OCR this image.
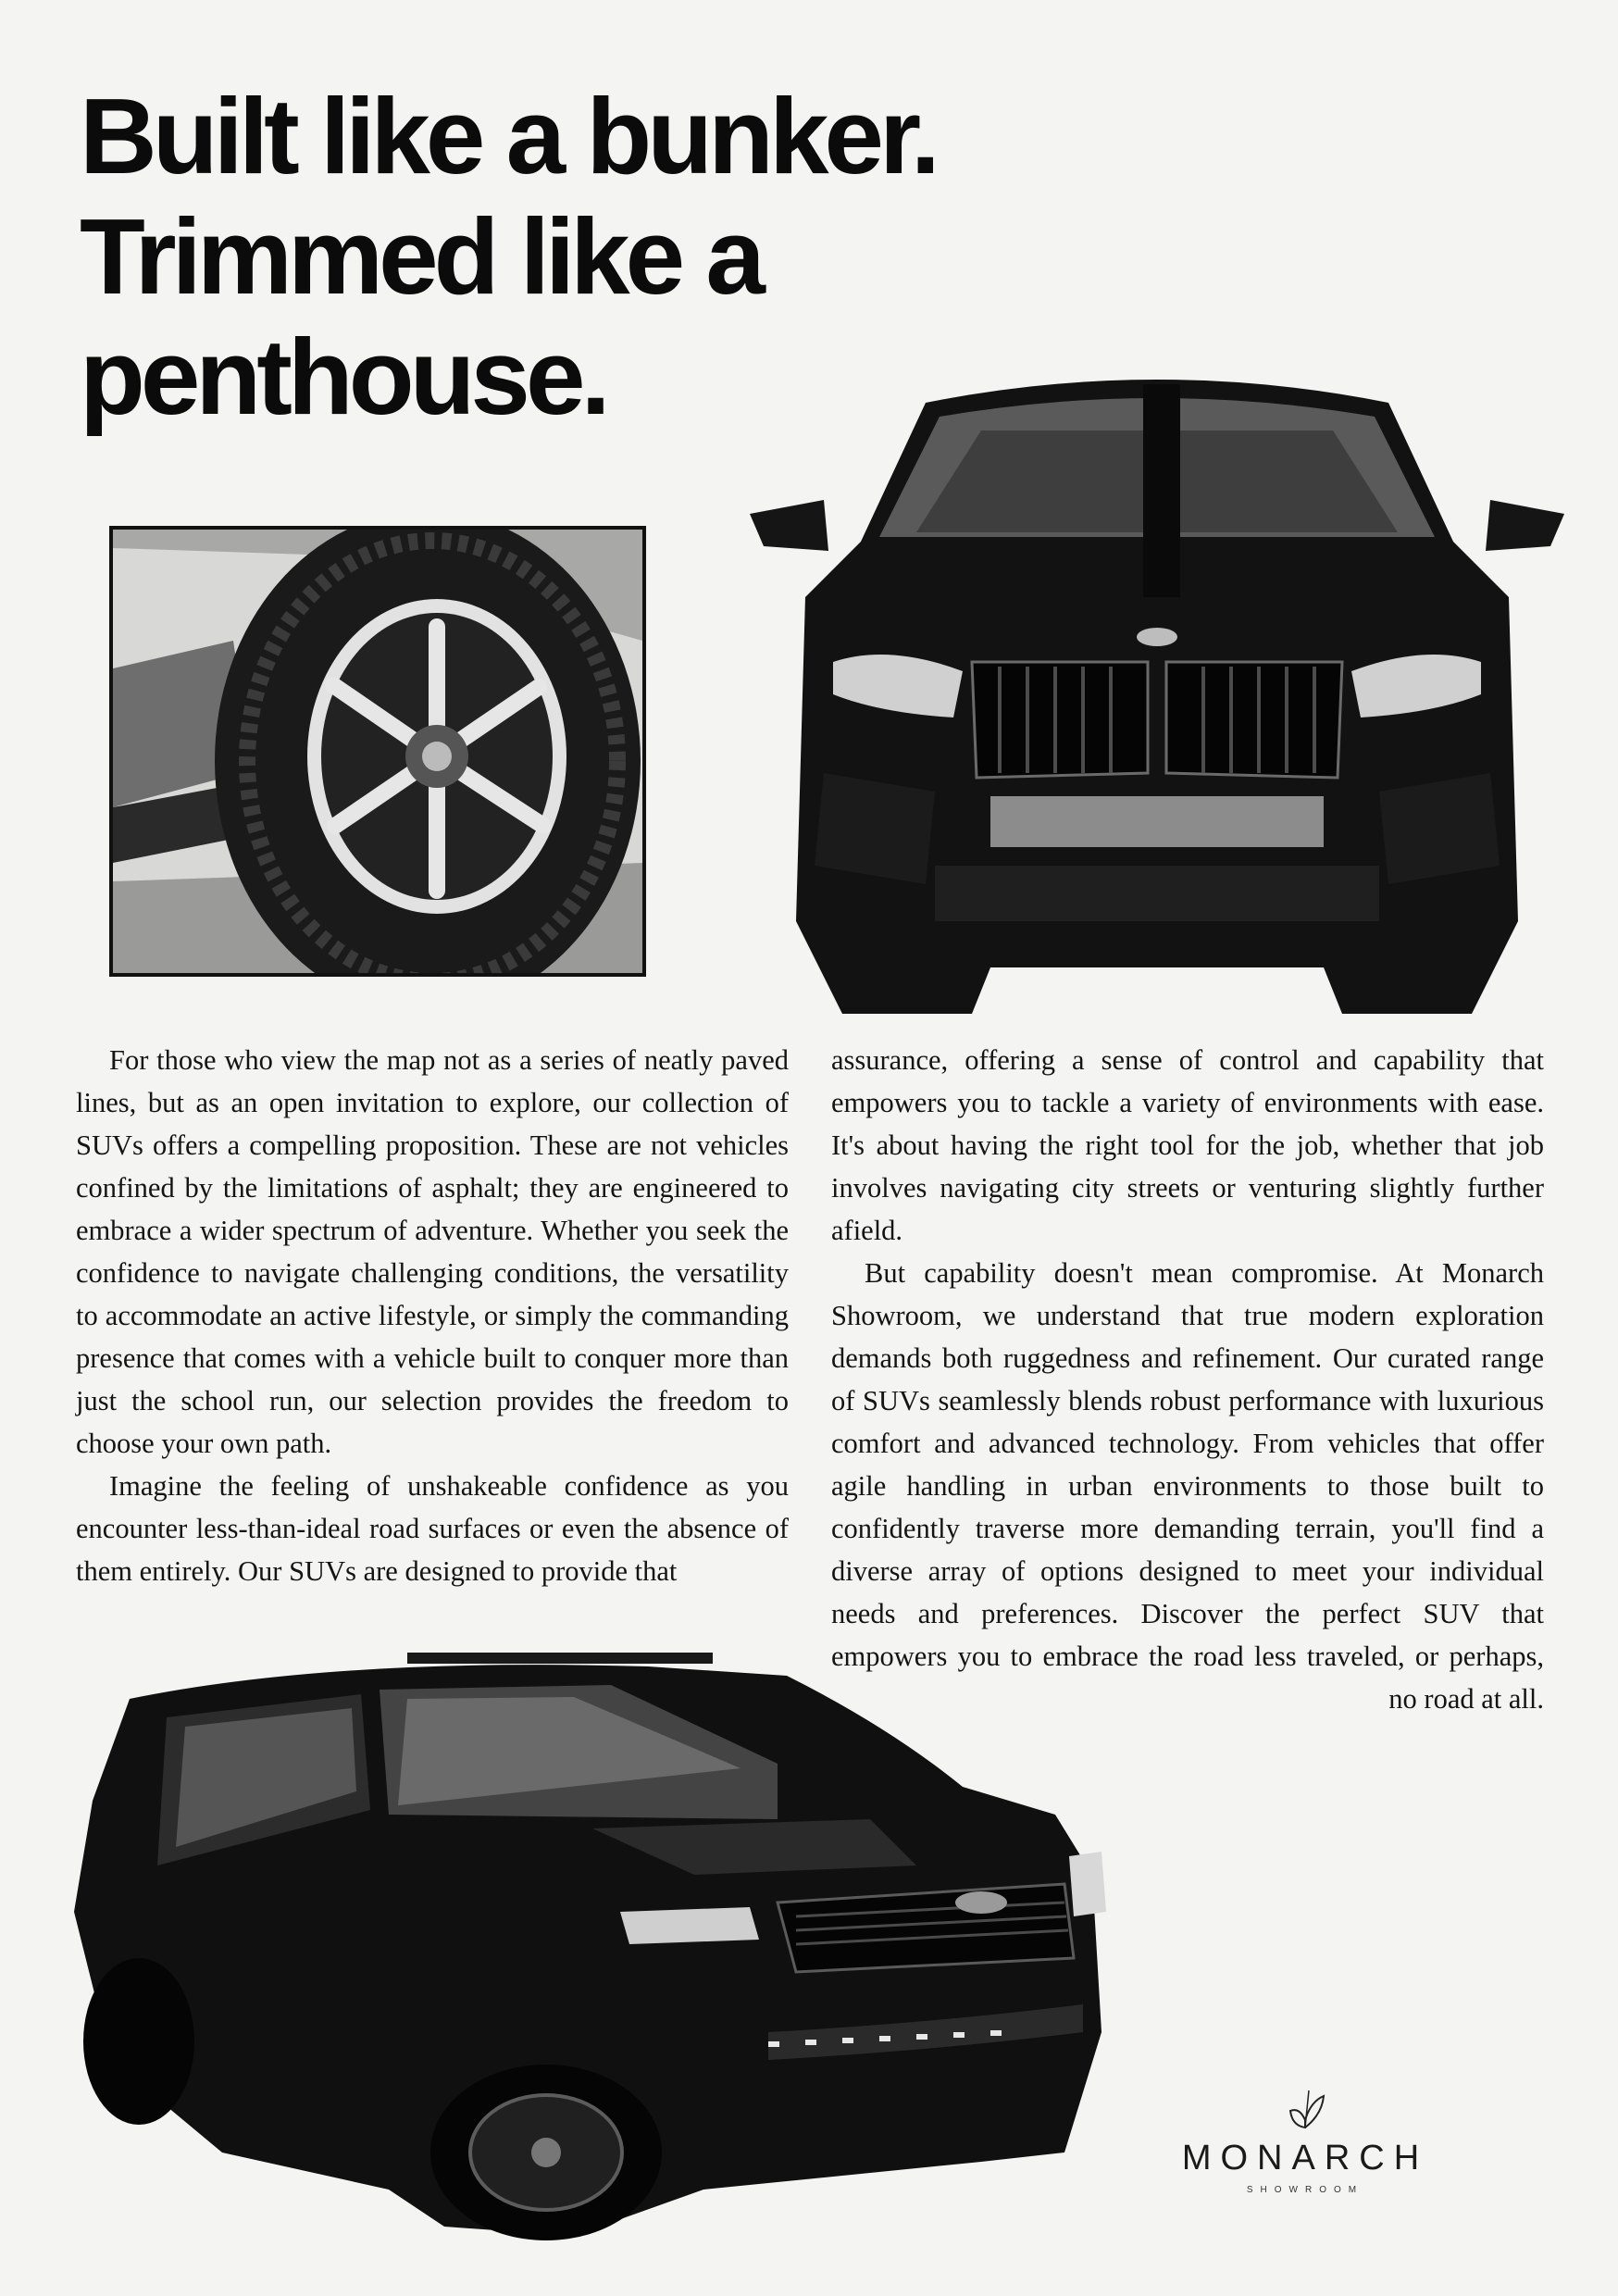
Built like a bunker.
Trimmed like a
penthouse.

For those who view the map not as a series of neatly paved lines, but as an open invitation to explore, our collection of SUVs offers a compelling proposition. These are not vehicles confined by the limitations of asphalt; they are engineered to embrace a wider spectrum of adventure. Whether you seek the confidence to navigate challenging conditions, the versatility to accommodate an active lifestyle, or simply the commanding presence that comes with a vehicle built to conquer more than just the school run, our selection provides the freedom to choose your own path.

Imagine the feeling of unshakeable confidence as you encounter less-than-ideal road surfaces or even the absence of them entirely. Our SUVs are designed to provide that

assurance, offering a sense of control and capability that empowers you to tackle a variety of environments with ease. It's about having the right tool for the job, whether that job involves navigating city streets or venturing slightly further afield.

But capability doesn't mean compromise. At Monarch Showroom, we understand that true modern exploration demands both ruggedness and refinement. Our curated range of SUVs seamlessly blends robust performance with luxurious comfort and advanced technology. From vehicles that offer agile handling in urban environments to those built to confidently traverse more demanding terrain, you'll find a diverse array of options designed to meet your individual needs and preferences. Discover the perfect SUV that empowers you to embrace the road less traveled, or perhaps, no road at all.

MONARCH
SHOWROOM
